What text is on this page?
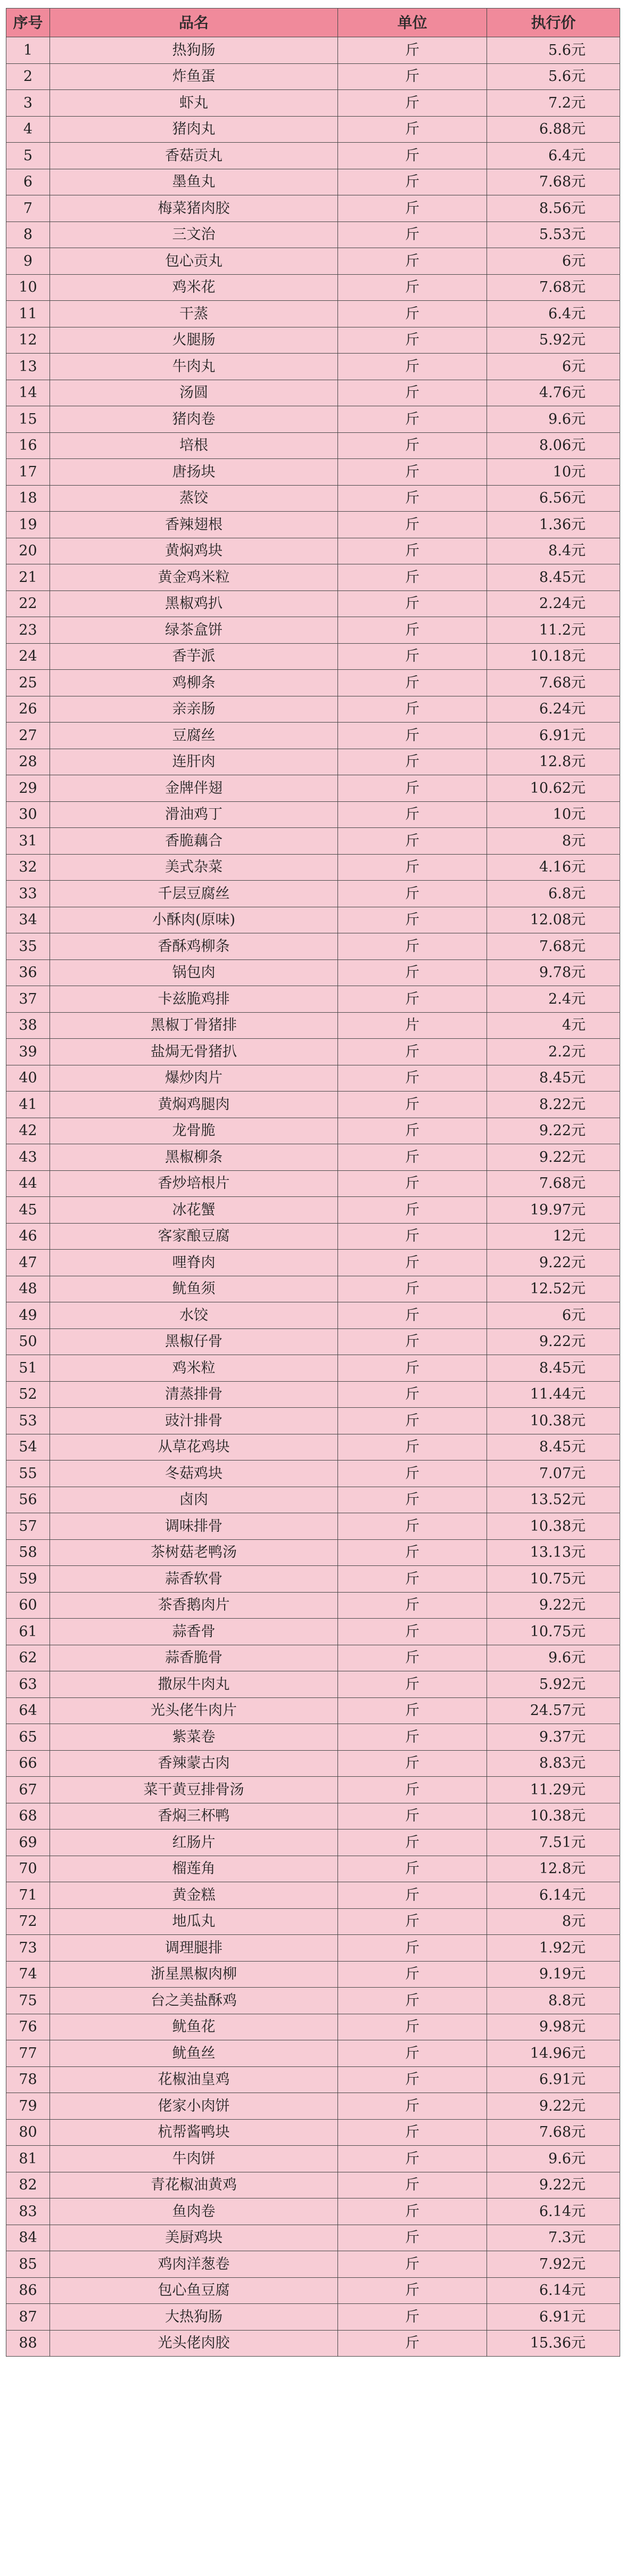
序号	品名	单位	执行价
1	热狗肠	斤	5.6元
2	炸鱼蛋	斤	5.6元
3	虾丸	斤	7.2元
4	猪肉丸	斤	6.88元
5	香菇贡丸	斤	6.4元
6	墨鱼丸	斤	7.68元
7	梅菜猪肉胶	斤	8.56元
8	三文治	斤	5.53元
9	包心贡丸	斤	6元
10	鸡米花	斤	7.68元
11	干蒸	斤	6.4元
12	火腿肠	斤	5.92元
13	牛肉丸	斤	6元
14	汤圆	斤	4.76元
15	猪肉卷	斤	9.6元
16	培根	斤	8.06元
17	唐扬块	斤	10元
18	蒸饺	斤	6.56元
19	香辣翅根	斤	1.36元
20	黄焖鸡块	斤	8.4元
21	黄金鸡米粒	斤	8.45元
22	黑椒鸡扒	斤	2.24元
23	绿茶盒饼	斤	11.2元
24	香芋派	斤	10.18元
25	鸡柳条	斤	7.68元
26	亲亲肠	斤	6.24元
27	豆腐丝	斤	6.91元
28	连肝肉	斤	12.8元
29	金牌伴翅	斤	10.62元
30	滑油鸡丁	斤	10元
31	香脆藕合	斤	8元
32	美式杂菜	斤	4.16元
33	千层豆腐丝	斤	6.8元
34	小酥肉(原味)	斤	12.08元
35	香酥鸡柳条	斤	7.68元
36	锅包肉	斤	9.78元
37	卡兹脆鸡排	斤	2.4元
38	黑椒丁骨猪排	片	4元
39	盐焗无骨猪扒	斤	2.2元
40	爆炒肉片	斤	8.45元
41	黄焖鸡腿肉	斤	8.22元
42	龙骨脆	斤	9.22元
43	黑椒柳条	斤	9.22元
44	香炒培根片	斤	7.68元
45	冰花蟹	斤	19.97元
46	客家酿豆腐	斤	12元
47	哩脊肉	斤	9.22元
48	鱿鱼须	斤	12.52元
49	水饺	斤	6元
50	黑椒仔骨	斤	9.22元
51	鸡米粒	斤	8.45元
52	清蒸排骨	斤	11.44元
53	豉汁排骨	斤	10.38元
54	从草花鸡块	斤	8.45元
55	冬菇鸡块	斤	7.07元
56	卤肉	斤	13.52元
57	调味排骨	斤	10.38元
58	茶树菇老鸭汤	斤	13.13元
59	蒜香软骨	斤	10.75元
60	茶香鹅肉片	斤	9.22元
61	蒜香骨	斤	10.75元
62	蒜香脆骨	斤	9.6元
63	撒尿牛肉丸	斤	5.92元
64	光头佬牛肉片	斤	24.57元
65	紫菜卷	斤	9.37元
66	香辣蒙古肉	斤	8.83元
67	菜干黄豆排骨汤	斤	11.29元
68	香焖三杯鸭	斤	10.38元
69	红肠片	斤	7.51元
70	榴莲角	斤	12.8元
71	黄金糕	斤	6.14元
72	地瓜丸	斤	8元
73	调理腿排	斤	1.92元
74	浙星黑椒肉柳	斤	9.19元
75	台之美盐酥鸡	斤	8.8元
76	鱿鱼花	斤	9.98元
77	鱿鱼丝	斤	14.96元
78	花椒油皇鸡	斤	6.91元
79	佬家小肉饼	斤	9.22元
80	杭帮酱鸭块	斤	7.68元
81	牛肉饼	斤	9.6元
82	青花椒油黄鸡	斤	9.22元
83	鱼肉卷	斤	6.14元
84	美厨鸡块	斤	7.3元
85	鸡肉洋葱卷	斤	7.92元
86	包心鱼豆腐	斤	6.14元
87	大热狗肠	斤	6.91元
88	光头佬肉胶	斤	15.36元
